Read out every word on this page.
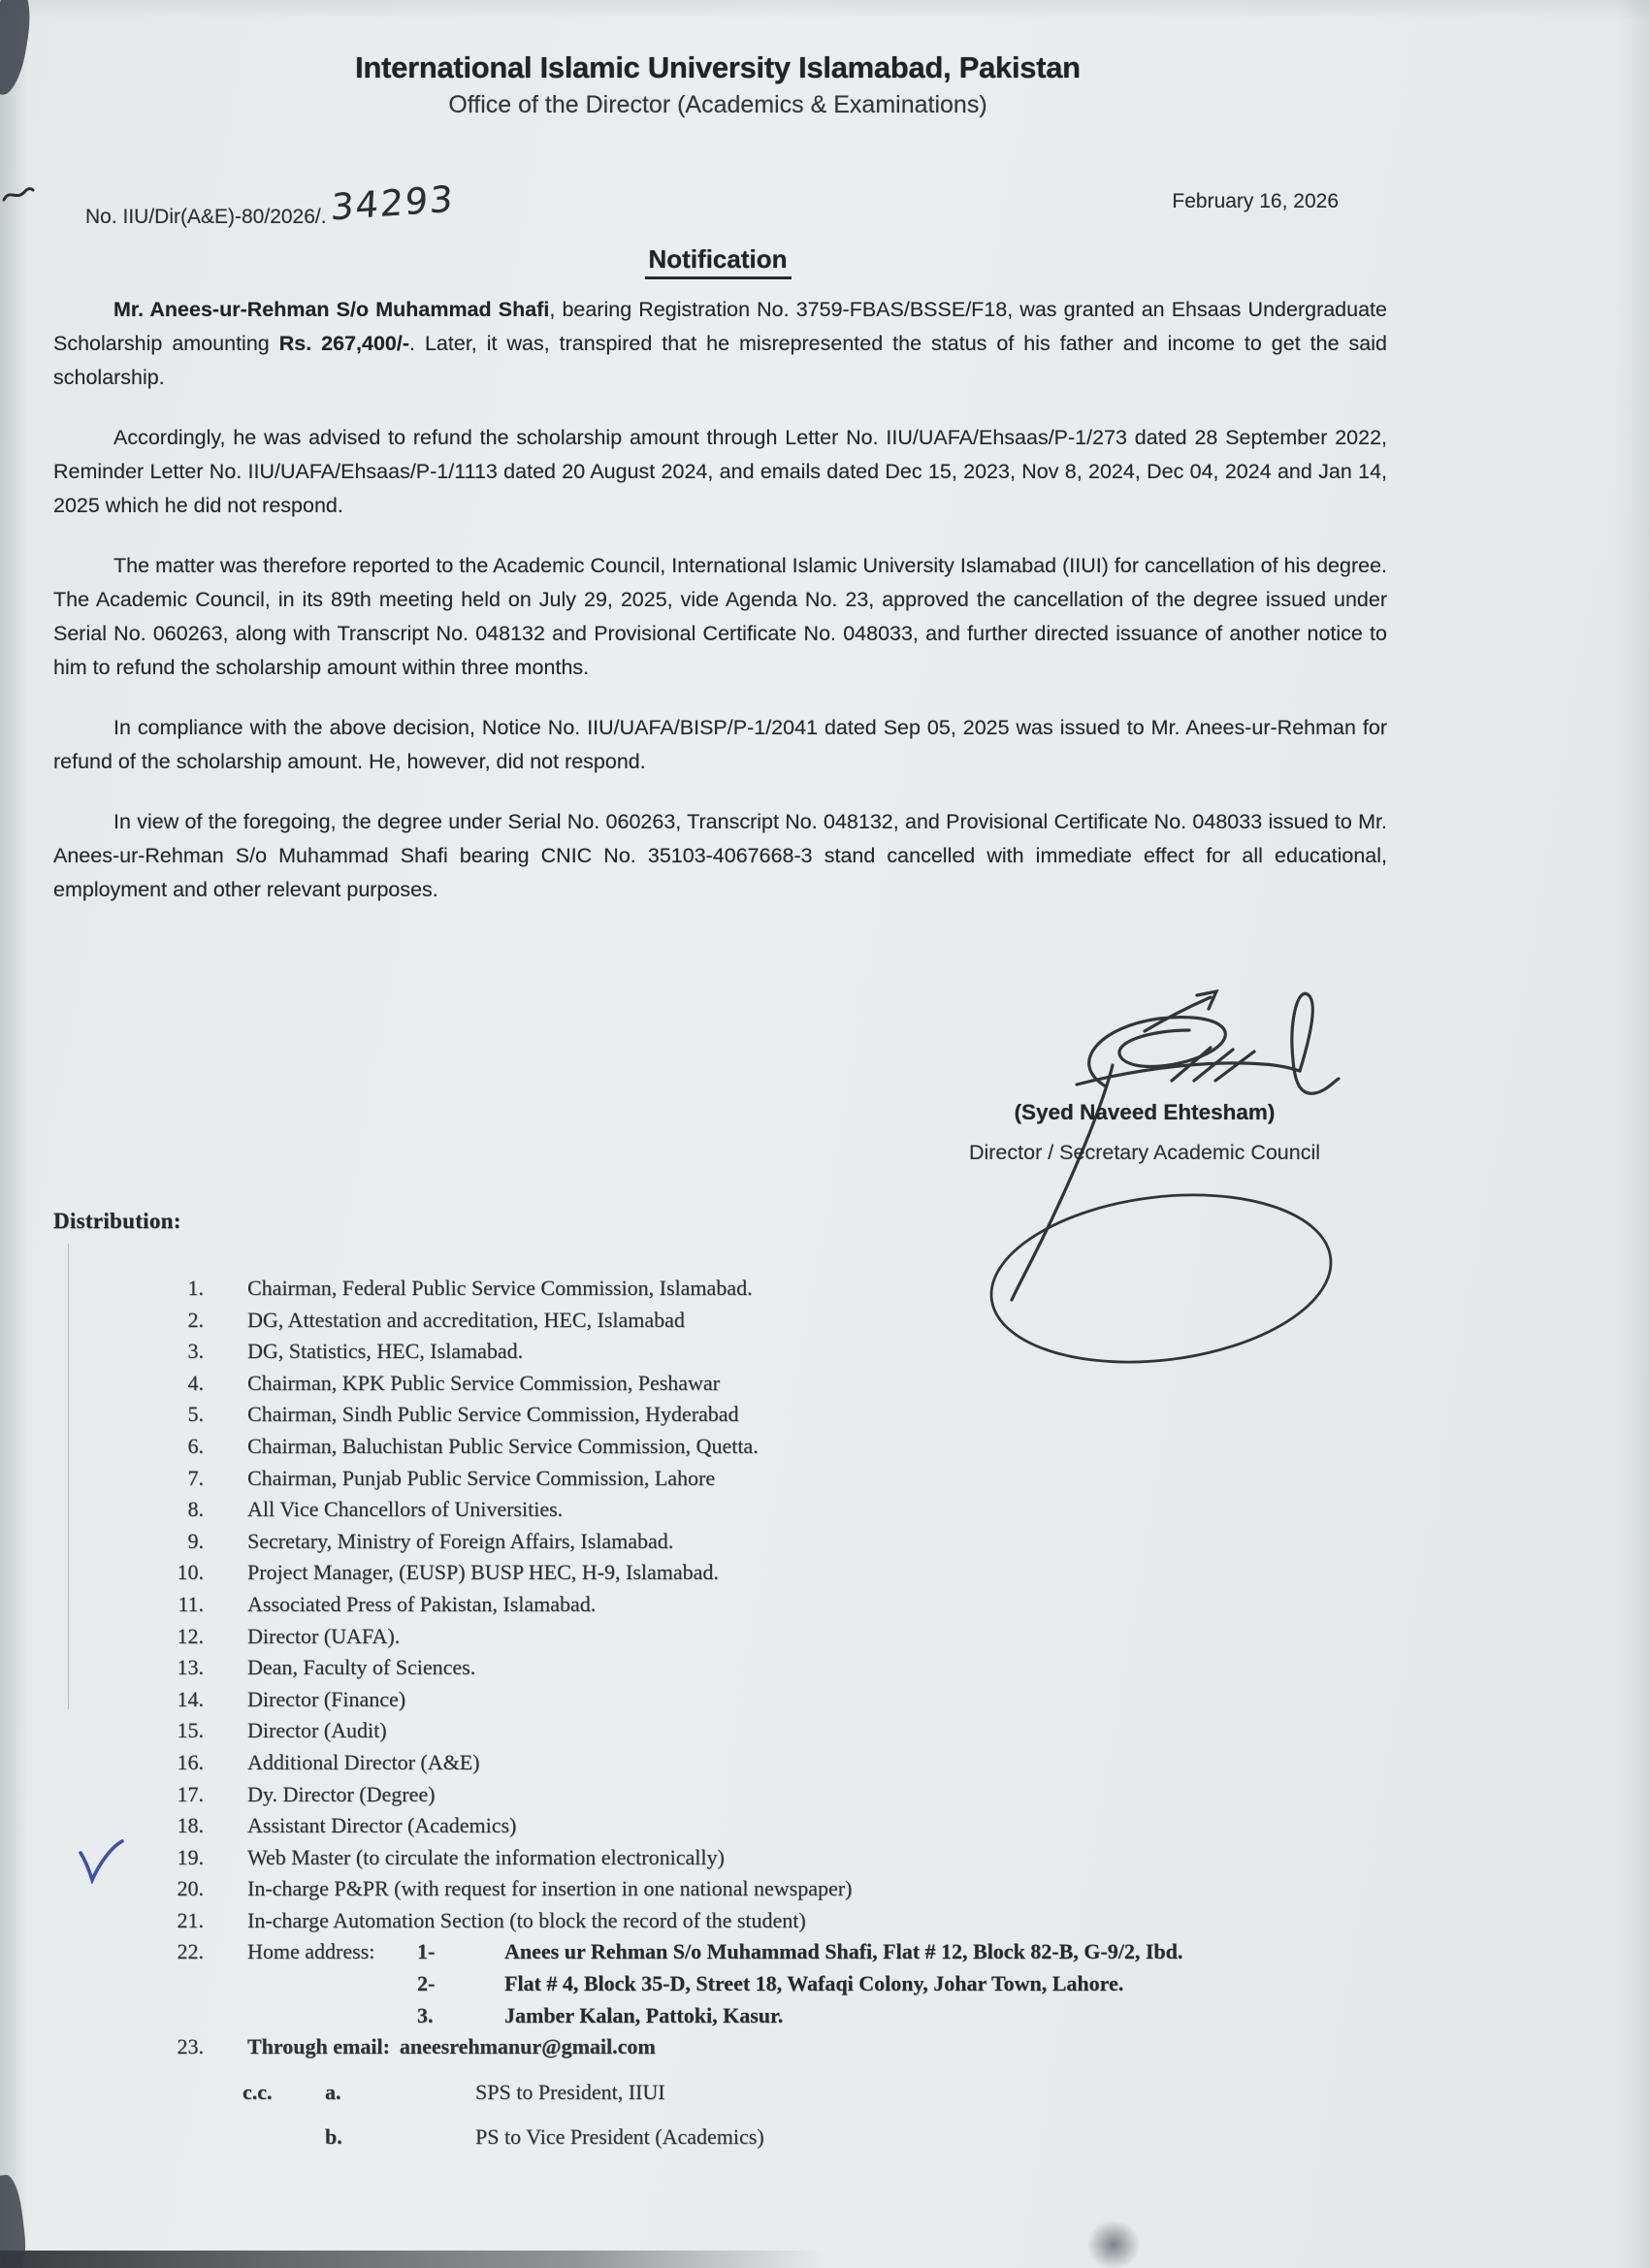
International Islamic University Islamabad, Pakistan
Office of the Director (Academics & Examinations)
No. IIU/Dir(A&E)-80/2026/.34293	February 16, 2026
Notification

Mr. Anees-ur-Rehman S/o Muhammad Shafi, bearing Registration No. 3759-FBAS/BSSE/F18, was granted an Ehsaas Undergraduate Scholarship amounting Rs. 267,400/-. Later, it was, transpired that he misrepresented the status of his father and income to get the said scholarship.

Accordingly, he was advised to refund the scholarship amount through Letter No. IIU/UAFA/Ehsaas/P-1/273 dated 28 September 2022, Reminder Letter No. IIU/UAFA/Ehsaas/P-1/1113 dated 20 August 2024, and emails dated Dec 15, 2023, Nov 8, 2024, Dec 04, 2024 and Jan 14, 2025 which he did not respond.

The matter was therefore reported to the Academic Council, International Islamic University Islamabad (IIUI) for cancellation of his degree. The Academic Council, in its 89th meeting held on July 29, 2025, vide Agenda No. 23, approved the cancellation of the degree issued under Serial No. 060263, along with Transcript No. 048132 and Provisional Certificate No. 048033, and further directed issuance of another notice to him to refund the scholarship amount within three months.

In compliance with the above decision, Notice No. IIU/UAFA/BISP/P-1/2041 dated Sep 05, 2025 was issued to Mr. Anees-ur-Rehman for refund of the scholarship amount. He, however, did not respond.

In view of the foregoing, the degree under Serial No. 060263, Transcript No. 048132, and Provisional Certificate No. 048033 issued to Mr. Anees-ur-Rehman S/o Muhammad Shafi bearing CNIC No. 35103-4067668-3 stand cancelled with immediate effect for all educational, employment and other relevant purposes.

(Syed Naveed Ehtesham)
Director / Secretary Academic Council
Distribution:
1. Chairman, Federal Public Service Commission, Islamabad.
2. DG, Attestation and accreditation, HEC, Islamabad
3. DG, Statistics, HEC, Islamabad.
4. Chairman, KPK Public Service Commission, Peshawar
5. Chairman, Sindh Public Service Commission, Hyderabad
6. Chairman, Baluchistan Public Service Commission, Quetta.
7. Chairman, Punjab Public Service Commission, Lahore
8. All Vice Chancellors of Universities.
9. Secretary, Ministry of Foreign Affairs, Islamabad.
10. Project Manager, (EUSP) BUSP HEC, H-9, Islamabad.
11. Associated Press of Pakistan, Islamabad.
12. Director (UAFA).
13. Dean, Faculty of Sciences.
14. Director (Finance)
15. Director (Audit)
16. Additional Director (A&E)
17. Dy. Director (Degree)
18. Assistant Director (Academics)
19. Web Master (to circulate the information electronically)
20. In-charge P&PR (with request for insertion in one national newspaper)
21. In-charge Automation Section (to block the record of the student)
22. Home address:	1-	Anees ur Rehman S/o Muhammad Shafi, Flat # 12, Block 82-B, G-9/2, Ibd.
2-	Flat # 4, Block 35-D, Street 18, Wafaqi Colony, Johar Town, Lahore.
3.	Jamber Kalan, Pattoki, Kasur.
23. Through email: aneesrehmanur@gmail.com
c.c.	a.	SPS to President, IIUI
b.	PS to Vice President (Academics)
